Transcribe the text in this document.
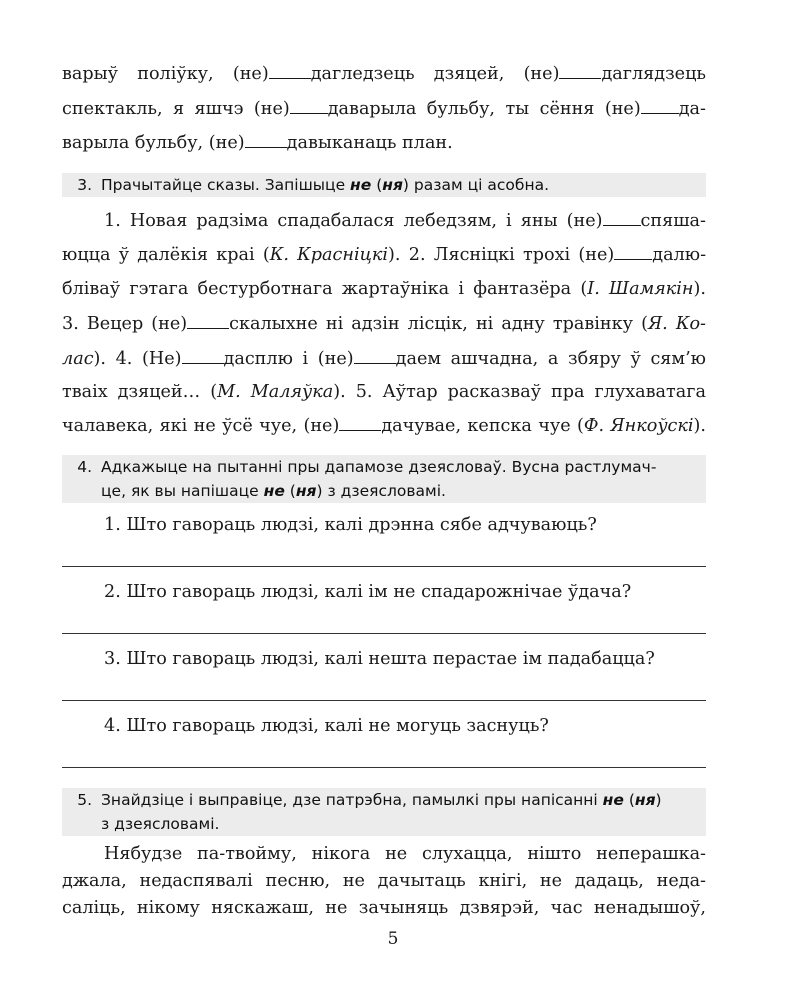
варыў поліўку, (не) дагледзець дзяцей, (не) даглядзець
спектакль, я яшчэ (не) даварыла бульбу, ты сёння (не) да-
варыла бульбу, (не) давыканаць план.
3. Прачытайце сказы. Запішыце не (ня) разам ці асобна.
1. Новая радзіма спадабалася лебедзям, і яны (не) спяша-
юцца ў далёкія краі (К. Красніцкі). 2. Лясніцкі трохі (не) далю-
бліваў гэтага бестурботнага жартаўніка і фантазёра (І. Шамякін).
3. Вецер (не) скалыхне ні адзін лісцік, ні адну травінку (Я. Ко-
лас). 4. (Не) дасплю і (не) даем ашчадна, а збяру ў сям’ю
тваіх дзяцей… (М. Маляўка). 5. Аўтар расказваў пра глухаватага
чалавека, які не ўсё чуе, (не) дачувае, кепска чуе (Ф. Янкоўскі).
4. Адкажыце на пытанні пры дапамозе дзеясловаў. Вусна растлумач-
це, як вы напішаце не (ня) з дзеясловамі.
1. Што гавораць людзі, калі дрэнна сябе адчуваюць?
2. Што гавораць людзі, калі ім не спадарожнічае ўдача?
3. Што гавораць людзі, калі нешта перастае ім падабацца?
4. Што гавораць людзі, калі не могуць заснуць?
5. Знайдзіце і выправіце, дзе патрэбна, памылкі пры напісанні не (ня)
з дзеясловамі.
Нябудзе па-твойму, нікога не слухацца, нішто неперашка-
джала, недаспявалі песню, не дачытаць кнігі, не дадаць, неда-
саліць, нікому няскажаш, не зачыняць дзвярэй, час ненадышоў,
5
